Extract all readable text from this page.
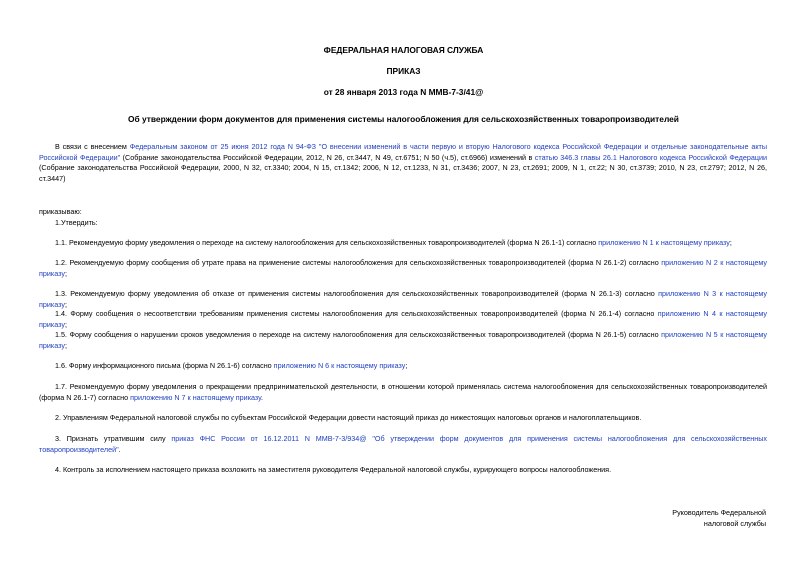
ФЕДЕРАЛЬНАЯ НАЛОГОВАЯ СЛУЖБА
ПРИКАЗ
от 28 января 2013 года N ММВ-7-3/41@
Об утверждении форм документов для применения системы налогообложения для сельскохозяйственных товаропроизводителей
В связи с внесением Федеральным законом от 25 июня 2012 года N 94-ФЗ "О внесении изменений в части первую и вторую Налогового кодекса Российской Федерации и отдельные законодательные акты Российской Федерации" (Собрание законодательства Российской Федерации, 2012, N 26, ст.3447, N 49, ст.6751; N 50 (ч.5), ст.6966) изменений в статью 346.3 главы 26.1 Налогового кодекса Российской Федерации (Собрание законодательства Российской Федерации, 2000, N 32, ст.3340; 2004, N 15, ст.1342; 2006, N 12, ст.1233, N 31, ст.3436; 2007, N 23, ст.2691; 2009, N 1, ст.22; N 30, ст.3739; 2010, N 23, ст.2797; 2012, N 26, ст.3447)
приказываю:
1.Утвердить:
1.1. Рекомендуемую форму уведомления о переходе на систему налогообложения для сельскохозяйственных товаропроизводителей (форма N 26.1-1) согласно приложению N 1 к настоящему приказу;
1.2. Рекомендуемую форму сообщения об утрате права на применение системы налогообложения для сельскохозяйственных товаропроизводителей (форма N 26.1-2) согласно приложению N 2 к настоящему приказу;
1.3. Рекомендуемую форму уведомления об отказе от применения системы налогообложения для сельскохозяйственных товаропроизводителей (форма N 26.1-3) согласно приложению N 3 к настоящему приказу;
1.4. Форму сообщения о несоответствии требованиям применения системы налогообложения для сельскохозяйственных товаропроизводителей (форма N 26.1-4) согласно приложению N 4 к настоящему приказу;
1.5. Форму сообщения о нарушении сроков уведомления о переходе на систему налогообложения для сельскохозяйственных товаропроизводителей (форма N 26.1-5) согласно приложению N 5 к настоящему приказу;
1.6. Форму информационного письма (форма N 26.1-6) согласно приложению N 6 к настоящему приказу;
1.7. Рекомендуемую форму уведомления о прекращении предпринимательской деятельности, в отношении которой применялась система налогообложения для сельскохозяйственных товаропроизводителей (форма N 26.1-7) согласно приложению N 7 к настоящему приказу.
2. Управлениям Федеральной налоговой службы по субъектам Российской Федерации довести настоящий приказ до нижестоящих налоговых органов и налогоплательщиков.
3. Признать утратившим силу приказ ФНС России от 16.12.2011 N ММВ-7-3/934@ "Об утверждении форм документов для применения системы налогообложения для сельскохозяйственных товаропроизводителей".
4. Контроль за исполнением настоящего приказа возложить на заместителя руководителя Федеральной налоговой службы, курирующего вопросы налогообложения.
Руководитель Федеральной
налоговой службы
